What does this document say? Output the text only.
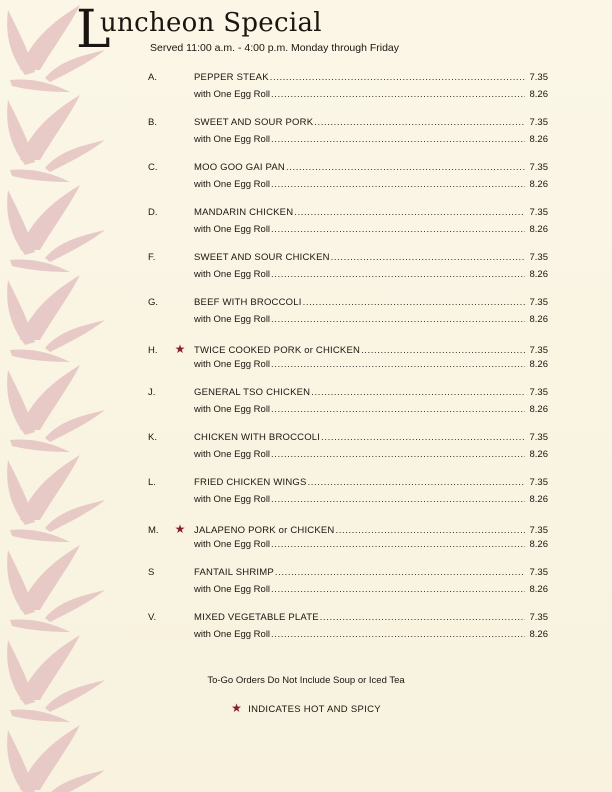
L
uncheon Special
Served 11:00 a.m. - 4:00 p.m. Monday through Friday
A.	PEPPER STEAK .....	7.35
with One Egg Roll .....	8.26
B.	SWEET AND SOUR PORK .....	7.35
with One Egg Roll .....	8.26
C.	MOO GOO GAI PAN .....	7.35
with One Egg Roll .....	8.26
D.	MANDARIN CHICKEN .....	7.35
with One Egg Roll .....	8.26
F.	SWEET AND SOUR CHICKEN .....	7.35
with One Egg Roll .....	8.26
G.	BEEF WITH BROCCOLI .....	7.35
with One Egg Roll .....	8.26
H.	★ TWICE COOKED PORK or CHICKEN .....	7.35
with One Egg Roll .....	8.26
J.	GENERAL TSO CHICKEN .....	7.35
with One Egg Roll .....	8.26
K.	CHICKEN WITH BROCCOLI .....	7.35
with One Egg Roll .....	8.26
L.	FRIED CHICKEN WINGS .....	7.35
with One Egg Roll .....	8.26
M.	★ JALAPENO PORK or CHICKEN .....	7.35
with One Egg Roll .....	8.26
S	FANTAIL SHRIMP .....	7.35
with One Egg Roll .....	8.26
V.	MIXED VEGETABLE PLATE .....	7.35
with One Egg Roll .....	8.26
To-Go Orders Do Not Include Soup or Iced Tea
★ INDICATES HOT AND SPICY
